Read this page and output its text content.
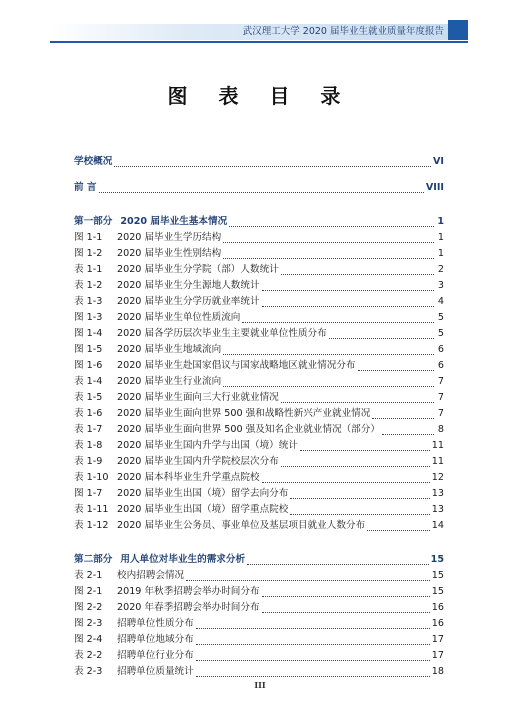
武汉理工大学 2020 届毕业生就业质量年度报告
图 表 目 录
学校概况	VI
前 言	VIII
第一部分 2020 届毕业生基本情况	1
图 1-1	2020 届毕业生学历结构	1
图 1-2	2020 届毕业生性别结构	1
表 1-1	2020 届毕业生分学院（部）人数统计	2
表 1-2	2020 届毕业生分生源地人数统计	3
表 1-3	2020 届毕业生分学历就业率统计	4
图 1-3	2020 届毕业生单位性质流向	5
图 1-4	2020 届各学历层次毕业生主要就业单位性质分布	5
图 1-5	2020 届毕业生地域流向	6
图 1-6	2020 届毕业生赴国家倡议与国家战略地区就业情况分布	6
表 1-4	2020 届毕业生行业流向	7
表 1-5	2020 届毕业生面向三大行业就业情况	7
表 1-6	2020 届毕业生面向世界 500 强和战略性新兴产业就业情况	7
表 1-7	2020 届毕业生面向世界 500 强及知名企业就业情况（部分）	8
表 1-8	2020 届毕业生国内升学与出国（境）统计	11
表 1-9	2020 届毕业生国内升学院校层次分布	11
表 1-10 2020 届本科毕业生升学重点院校	12
图 1-7	2020 届毕业生出国（境）留学去向分布	13
表 1-11 2020 届毕业生出国（境）留学重点院校	13
表 1-12 2020 届毕业生公务员、事业单位及基层项目就业人数分布	14
第二部分 用人单位对毕业生的需求分析	15
表 2-1	校内招聘会情况	15
图 2-1	2019 年秋季招聘会举办时间分布	15
图 2-2	2020 年春季招聘会举办时间分布	16
图 2-3	招聘单位性质分布	16
图 2-4	招聘单位地域分布	17
表 2-2	招聘单位行业分布	17
表 2-3	招聘单位质量统计	18
III
